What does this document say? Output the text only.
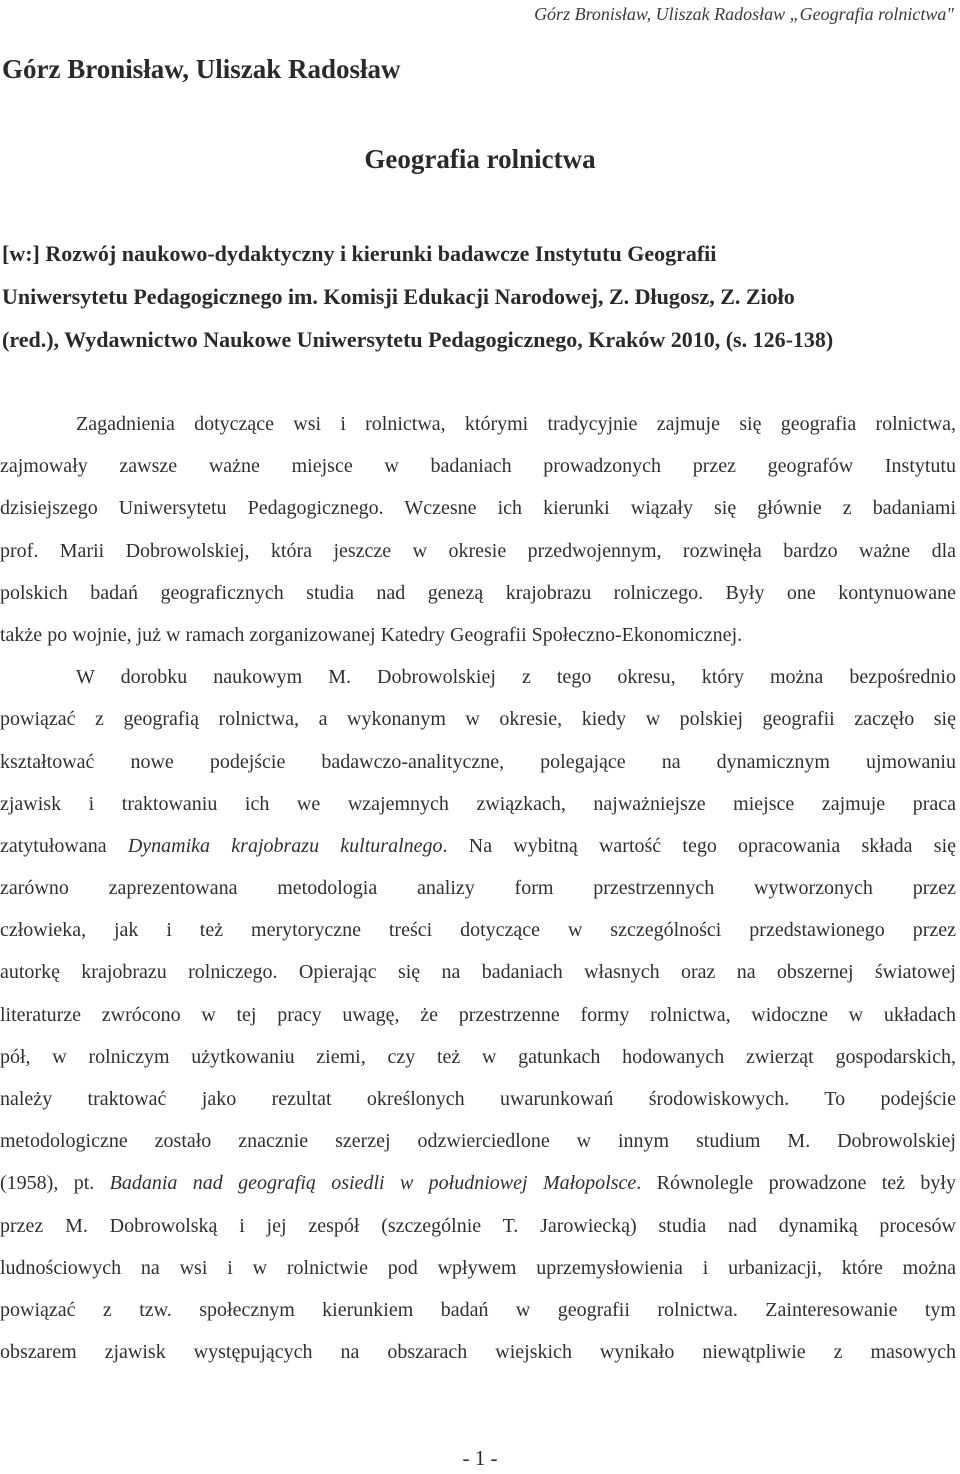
Górz Bronisław, Uliszak Radosław „Geografia rolnictwa"
Górz Bronisław, Uliszak Radosław
Geografia rolnictwa
[w:] Rozwój naukowo-dydaktyczny i kierunki badawcze Instytutu Geografii
Uniwersytetu Pedagogicznego im. Komisji Edukacji Narodowej, Z. Długosz, Z. Zioło
(red.), Wydawnictwo Naukowe Uniwersytetu Pedagogicznego, Kraków 2010, (s. 126-138)
Zagadnienia dotyczące wsi i rolnictwa, którymi tradycyjnie zajmuje się geografia rolnictwa,
zajmowały zawsze ważne miejsce w badaniach prowadzonych przez geografów Instytutu
dzisiejszego Uniwersytetu Pedagogicznego. Wczesne ich kierunki wiązały się głównie z badaniami
prof. Marii Dobrowolskiej, która jeszcze w okresie przedwojennym, rozwinęła bardzo ważne dla
polskich badań geograficznych studia nad genezą krajobrazu rolniczego. Były one kontynuowane
także po wojnie, już w ramach zorganizowanej Katedry Geografii Społeczno-Ekonomicznej.
W dorobku naukowym M. Dobrowolskiej z tego okresu, który można bezpośrednio
powiązać z geografią rolnictwa, a wykonanym w okresie, kiedy w polskiej geografii zaczęło się
kształtować nowe podejście badawczo-analityczne, polegające na dynamicznym ujmowaniu
zjawisk i traktowaniu ich we wzajemnych związkach, najważniejsze miejsce zajmuje praca
zatytułowana Dynamika krajobrazu kulturalnego. Na wybitną wartość tego opracowania składa się
zarówno zaprezentowana metodologia analizy form przestrzennych wytworzonych przez
człowieka, jak i też merytoryczne treści dotyczące w szczególności przedstawionego przez
autorkę krajobrazu rolniczego. Opierając się na badaniach własnych oraz na obszernej światowej
literaturze zwrócono w tej pracy uwagę, że przestrzenne formy rolnictwa, widoczne w układach
pół, w rolniczym użytkowaniu ziemi, czy też w gatunkach hodowanych zwierząt gospodarskich,
należy traktować jako rezultat określonych uwarunkowań środowiskowych. To podejście
metodologiczne zostało znacznie szerzej odzwierciedlone w innym studium M. Dobrowolskiej
(1958), pt. Badania nad geografią osiedli w południowej Małopolsce. Równolegle prowadzone też były
przez M. Dobrowolską i jej zespół (szczególnie T. Jarowiecką) studia nad dynamiką procesów
ludnościowych na wsi i w rolnictwie pod wpływem uprzemysłowienia i urbanizacji, które można
powiązać z tzw. społecznym kierunkiem badań w geografii rolnictwa. Zainteresowanie tym
obszarem zjawisk występujących na obszarach wiejskich wynikało niewątpliwie z masowych
- 1 -
